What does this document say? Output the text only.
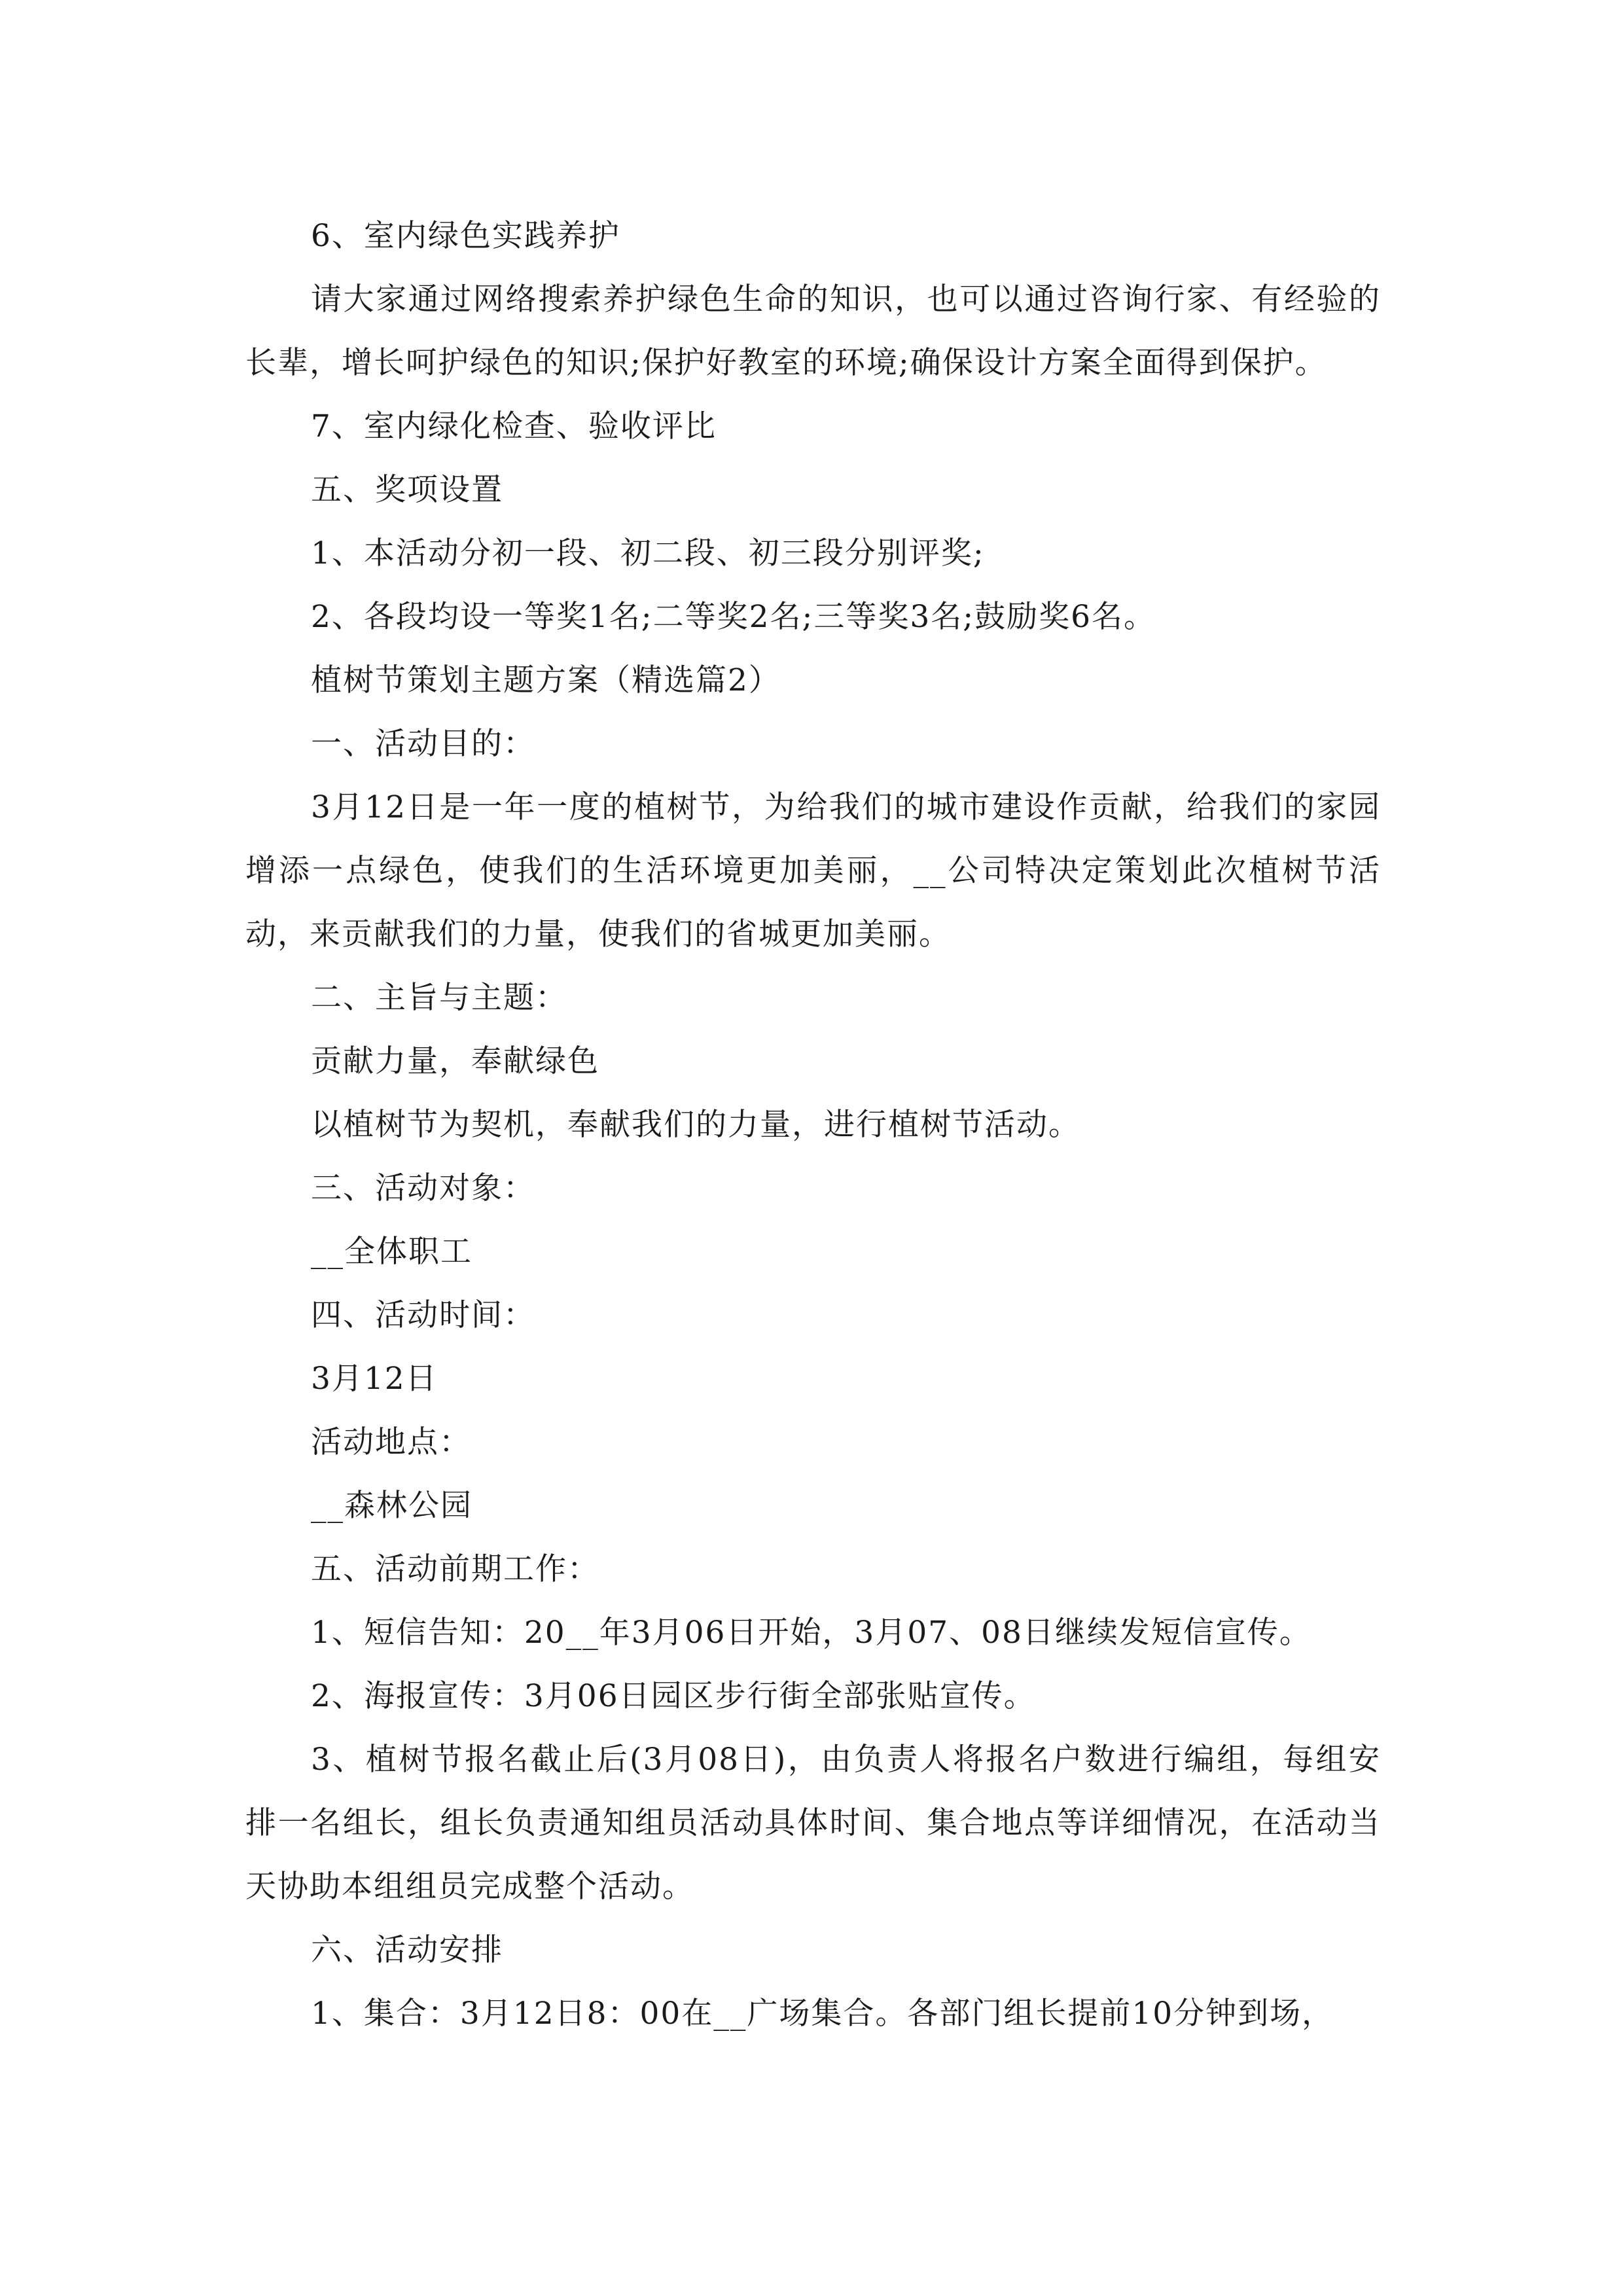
6、室内绿色实践养护

请大家通过网络搜索养护绿色生命的知识，也可以通过咨询行家、有经验的长辈，增长呵护绿色的知识;保护好教室的环境;确保设计方案全面得到保护。

7、室内绿化检查、验收评比

五、奖项设置

1、本活动分初一段、初二段、初三段分别评奖;

2、各段均设一等奖1名;二等奖2名;三等奖3名;鼓励奖6名。

植树节策划主题方案（精选篇2）

一、活动目的：

3月12日是一年一度的植树节，为给我们的城市建设作贡献，给我们的家园增添一点绿色，使我们的生活环境更加美丽，__公司特决定策划此次植树节活动，来贡献我们的力量，使我们的省城更加美丽。

二、主旨与主题：

贡献力量，奉献绿色

以植树节为契机，奉献我们的力量，进行植树节活动。

三、活动对象：

__全体职工

四、活动时间：

3月12日

活动地点：

__森林公园

五、活动前期工作：

1、短信告知：20__年3月06日开始，3月07、08日继续发短信宣传。

2、海报宣传：3月06日园区步行街全部张贴宣传。

3、植树节报名截止后(3月08日)，由负责人将报名户数进行编组，每组安排一名组长，组长负责通知组员活动具体时间、集合地点等详细情况，在活动当天协助本组组员完成整个活动。

六、活动安排

1、集合：3月12日8：00在__广场集合。各部门组长提前10分钟到场，
